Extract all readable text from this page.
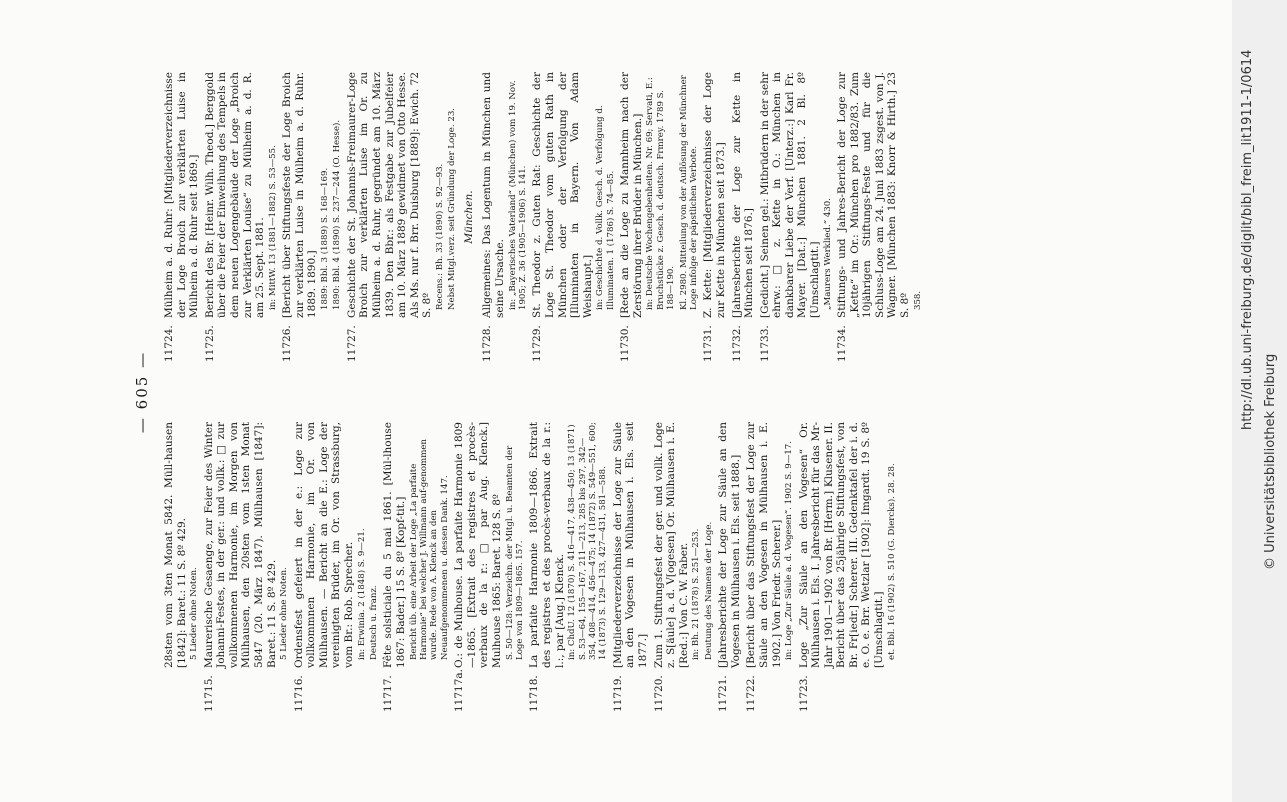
— 605 —
28sten vom 3ten Monat 5842. Müll-hausen [1842]: Baret.: 11 S. 8º 429. 5 Lieder ohne Noten.
11715.
Maurerische Gesaenge, zur Feier des Winter Johanni-Festes, in der ger.: und vollk.: □ zur vollkommenen Harmonie, im Morgen von Mülhausen, den 20sten vom 1sten Monat 5847 (20. März 1847). Mülhausen [1847]: Baret.: 11 S. 8º 429. 5 Lieder ohne Noten.
11716.
Ordensfest gefeiert in der e.: Loge zur vollkommnen Harmonie, im Or. von Mülhausen. — Bericht an die E.: Loge der vereinigten Brüder, im Or. von Strassburg, vom Br.: Rob. Sprecher. in: Erwinia. 2 (1848) S. 9—21. Deutsch u. franz.
11717.
Fête solsticiale du 5 mai 1861. [Mül-lhouse 1867: Bader.] 15 S. 8º [Kopf-tit.] Bericht üb. eine Arbeit der Loge „La parfaite Harmonie“ bei welcher J. Willmann auf-genommen wurde. Rede von A. Klenck an den Neuaufgenommenen u. dessen Dank. 147.
11717a.
O.: de Mulhouse. La parfaite Harmonie 1809—1865. [Extrait des registres et procès-verbaux de la r.: □ par Aug. Klenck.] Mulhouse 1865: Baret. 128 S. 8º S. 50—128: Verzeichn. der Mitgl. u. Beamten der Loge von 1809—1865. 157.
11718.
La parfaite Harmonie 1809—1866. Extrait des registres et des procès-verbaux de la r.: l.:, par [Aug.] Klenck. in: ChdU. 12 (1870) S. 416—417, 438—450; 13 (1871) S. 53—64, 155—167, 211—213, 285 bis 297, 342—354, 408—414, 456—475; 14 (1872) S. 549—551, 600; 14 (1873) S. 129—133, 427—431, 581—588.
11719.
[Mitgliederverzeichnisse der Loge zur Säule an den Vogesen in Mülhausen i. Els. seit 1877.]
11720.
Zum 1. Stiftungsfest der ger. und vollk. Loge z. S[äule] a. d. V[ogesen] Or. Mülhausen i. E. [Red.:] Von C. W. Faber. in: Bh. 21 (1878) S. 251—253. Deutung des Namens der Loge.
11721.
[Jahresberichte der Loge zur Säule an den Vogesen in Mülhausen i. Els. seit 1888.]
11722.
[Bericht über das Stiftungsfest der Loge zur Säule an den Vogesen in Mülhausen i. E. 1902.] Von Friedr. Scherer.] in: Loge „Zur Säule a. d. Vogesen“. 1902 S. 9—17.
11723.
Loge „Zur Säule an den Vogesen“ Or. Mülhausen i. Els. I. Jahresbericht für das Mr-Jahr 1901—1902 von Br. [Herm.] Klusener. II. Bericht über das 25jährige Stiftungsfest, von Br. Fr[iedr.] Scherer. III. Gedenktafel der i. d. e. O. e. Brr. Wetzlar [1902]: Imgardt. 19 S. 8º [Umschlagtit.] et. Bbl. 16 (1902) S. 510 (G. Diercks). 28. 28.
11724.
Mülheim a. d. Ruhr: [Mitgliederverzeichnisse der Loge Broich zur verklärten Luise in Mülheim a. d. Ruhr seit 1869.]
11725.
Bericht des Br. [Heinr. Wilh. Theod.] Berggold über die Feier der Einweihung des Tempels in dem neuen Logengebäude der Loge „Broich zur Verklärten Louise“ zu Mülheim a. d. R. am 25. Sept. 1881. in: MittW. 13 (1881—1882) S. 53—55.
11726.
[Bericht über Stiftungsfeste der Loge Broich zur verklärten Luise in Mülheim a. d. Ruhr. 1889. 1890.] 1889: Bbl. 3 (1889) S. 168—169. 1890: Bbl. 4 (1890) S. 237—244 (O. Hesse).
11727.
Geschichte der St. Johannis-Freimaurer-Loge Broich zur verklärten Luise im Or. zu Mülheim a. d. Ruhr, gegründet am 10. März 1839. Den Bbr.: als Festgabe zur Jubelfeier am 10. März 1889 gewidmet von Otto Hesse. Als Ms. nur f. Brr. Duisburg [1889]: Ewich. 72 S. 8º Recens.: Bh. 33 (1890) S. 92—93. Nebst Mitgl.verz. seit Gründung der Loge. 23. München.
11728.
Allgemeines: Das Logentum in München und seine Ursache. in: „Bayerisches Vaterland“ (München) vom 19. Nov. 1905; Z. 36 (1905—1906) S. 141.
11729.
St. Theodor z. Guten Rat: Geschichte der Loge St. Theodor vom guten Rath in München oder der Verfolgung der [Illuminaten in Bayern. Von Adam Weishaupt.] in: Geschichte d. Vollk. Gesch. d. Verfolgung d. Illuminaten. 1 (1786) S. 74—85.
11730.
[Rede an die Loge zu Mannheim nach der Zerstörung ihrer Brüder in München.] in: Deutsche Wochengebenheiten. Nr. 69; Servati, E.: Bruchstücke z. Gesch. d. deutsch. Frmrey. 1789 S. 188—190. Kl. 2980. Mitteilung von der Auflösung der Münchner Loge infolge der päpstlichen Verbote.
11731.
Z. Kette: [Mitgliederverzeichnisse der Loge zur Kette in München seit 1873.]
11732.
[Jahresberichte der Loge zur Kette in München seit 1876.]
11733.
[Gedicht.] Seinen gel.: Mitbrüdern in der sehr ehrw.: □ z. Kette in O.: München in dankbarer Liebe der Verf. [Unterz.:] Karl Fr. Mayer. [Dat.:] München 1881. 2 Bl. 8º [Umschlagtit.] „Maurers Werklied.“ 430.
11734.
Stiftungs- und Jahres-Bericht der Loge zur „Kette“ im Or.: München pro 1882/83. Zum 10jährigen Stiftungs-Feste und für die Schluss-Loge am 24. Juni 1883 zsgest. von J. Wagner. [München 1883: Knorr & Hirth.] 23 S. 8º 358.	http://dl.ub.uni-freiburg.de/diglit/bibl_freim_lit1911-1/0614
© Universitätsbibliothek Freiburg
